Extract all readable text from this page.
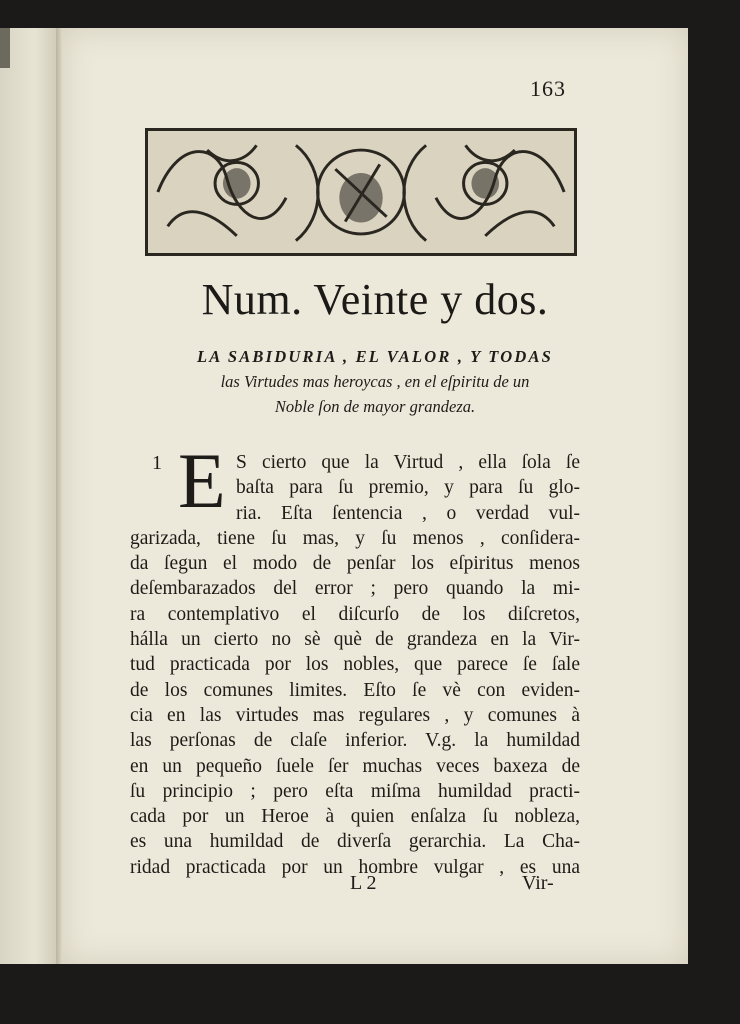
163
Num. Veinte y dos.
LA SABIDURIA , EL VALOR , Y TODAS
las Virtudes mas heroycas , en el eſpiritu de un
Noble ſon de mayor grandeza.
1 E S cierto que la Virtud , ella ſola ſe
baſta para ſu premio, y para ſu glo-
ria. Eſta ſentencia , o verdad vul-
garizada, tiene ſu mas, y ſu menos , conſidera-
da ſegun el modo de penſar los eſpiritus menos
deſembarazados del error ; pero quando la mi-
ra contemplativo el diſcurſo de los diſcretos,
hálla un cierto no sè què de grandeza en la Vir-
tud practicada por los nobles, que parece ſe ſale
de los comunes limites. Eſto ſe vè con eviden-
cia en las virtudes mas regulares , y comunes à
las perſonas de claſe inferior. V.g. la humildad
en un pequeño ſuele ſer muchas veces baxeza de
ſu principio ; pero eſta miſma humildad practi-
cada por un Heroe à quien enſalza ſu nobleza,
es una humildad de diverſa gerarchia. La Cha-
ridad practicada por un hombre vulgar , es una
L 2	Vir-
